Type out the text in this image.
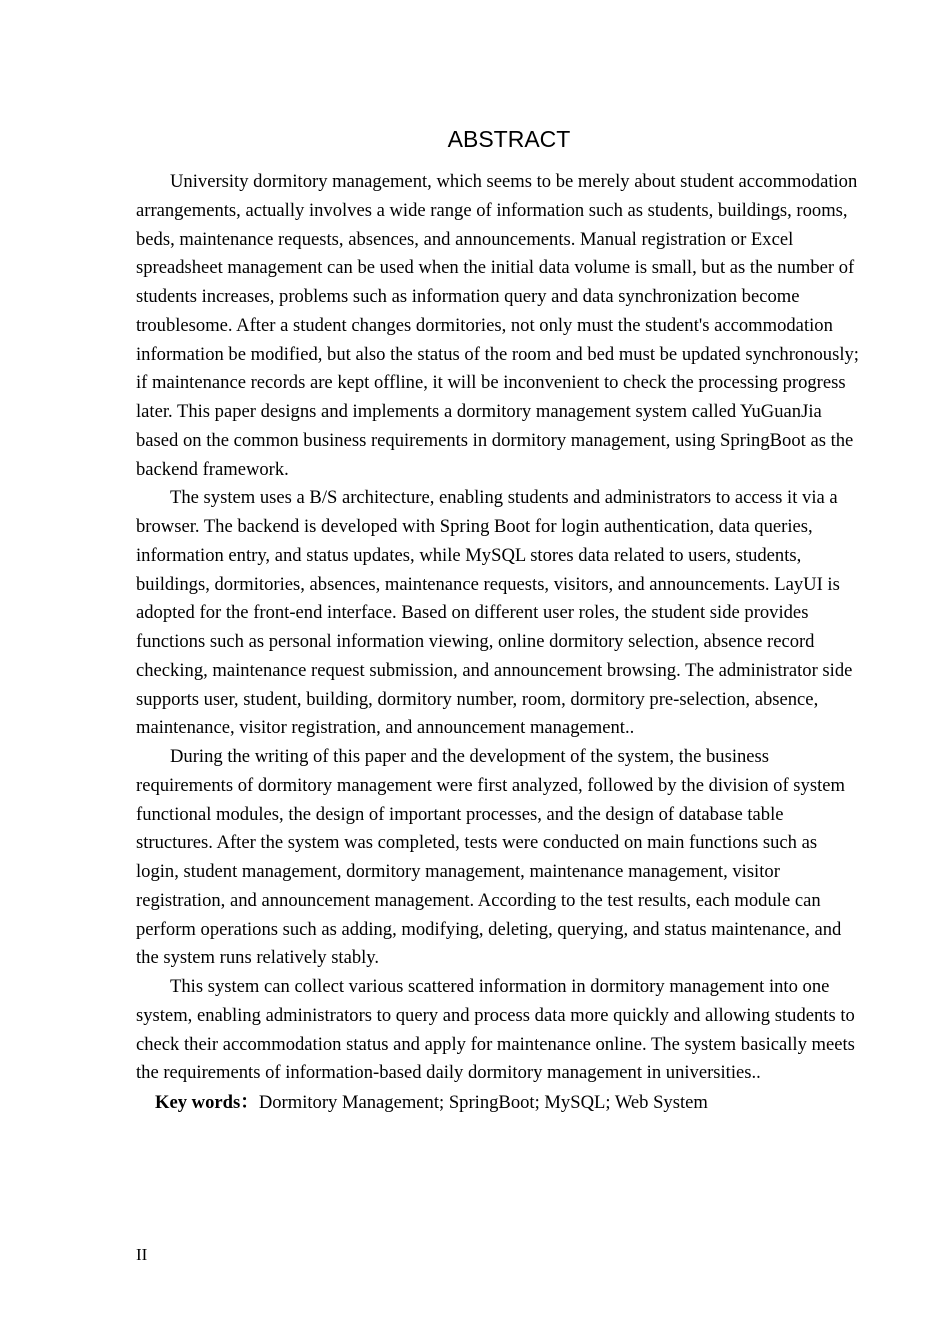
ABSTRACT

University dormitory management, which seems to be merely about student accommodation arrangements, actually involves a wide range of information such as students, buildings, rooms, beds, maintenance requests, absences, and announcements. Manual registration or Excel spreadsheet management can be used when the initial data volume is small, but as the number of students increases, problems such as information query and data synchronization become troublesome. After a student changes dormitories, not only must the student's accommodation information be modified, but also the status of the room and bed must be updated synchronously; if maintenance records are kept offline, it will be inconvenient to check the processing progress later. This paper designs and implements a dormitory management system called YuGuanJia based on the common business requirements in dormitory management, using SpringBoot as the backend framework.

The system uses a B/S architecture, enabling students and administrators to access it via a browser. The backend is developed with Spring Boot for login authentication, data queries, information entry, and status updates, while MySQL stores data related to users, students, buildings, dormitories, absences, maintenance requests, visitors, and announcements. LayUI is adopted for the front-end interface. Based on different user roles, the student side provides functions such as personal information viewing, online dormitory selection, absence record checking, maintenance request submission, and announcement browsing. The administrator side supports user, student, building, dormitory number, room, dormitory pre-selection, absence, maintenance, visitor registration, and announcement management..

During the writing of this paper and the development of the system, the business requirements of dormitory management were first analyzed, followed by the division of system functional modules, the design of important processes, and the design of database table structures. After the system was completed, tests were conducted on main functions such as login, student management, dormitory management, maintenance management, visitor registration, and announcement management. According to the test results, each module can perform operations such as adding, modifying, deleting, querying, and status maintenance, and the system runs relatively stably.

This system can collect various scattered information in dormitory management into one system, enabling administrators to query and process data more quickly and allowing students to check their accommodation status and apply for maintenance online. The system basically meets the requirements of information-based daily dormitory management in universities..

Key words：Dormitory Management; SpringBoot; MySQL; Web System
II
